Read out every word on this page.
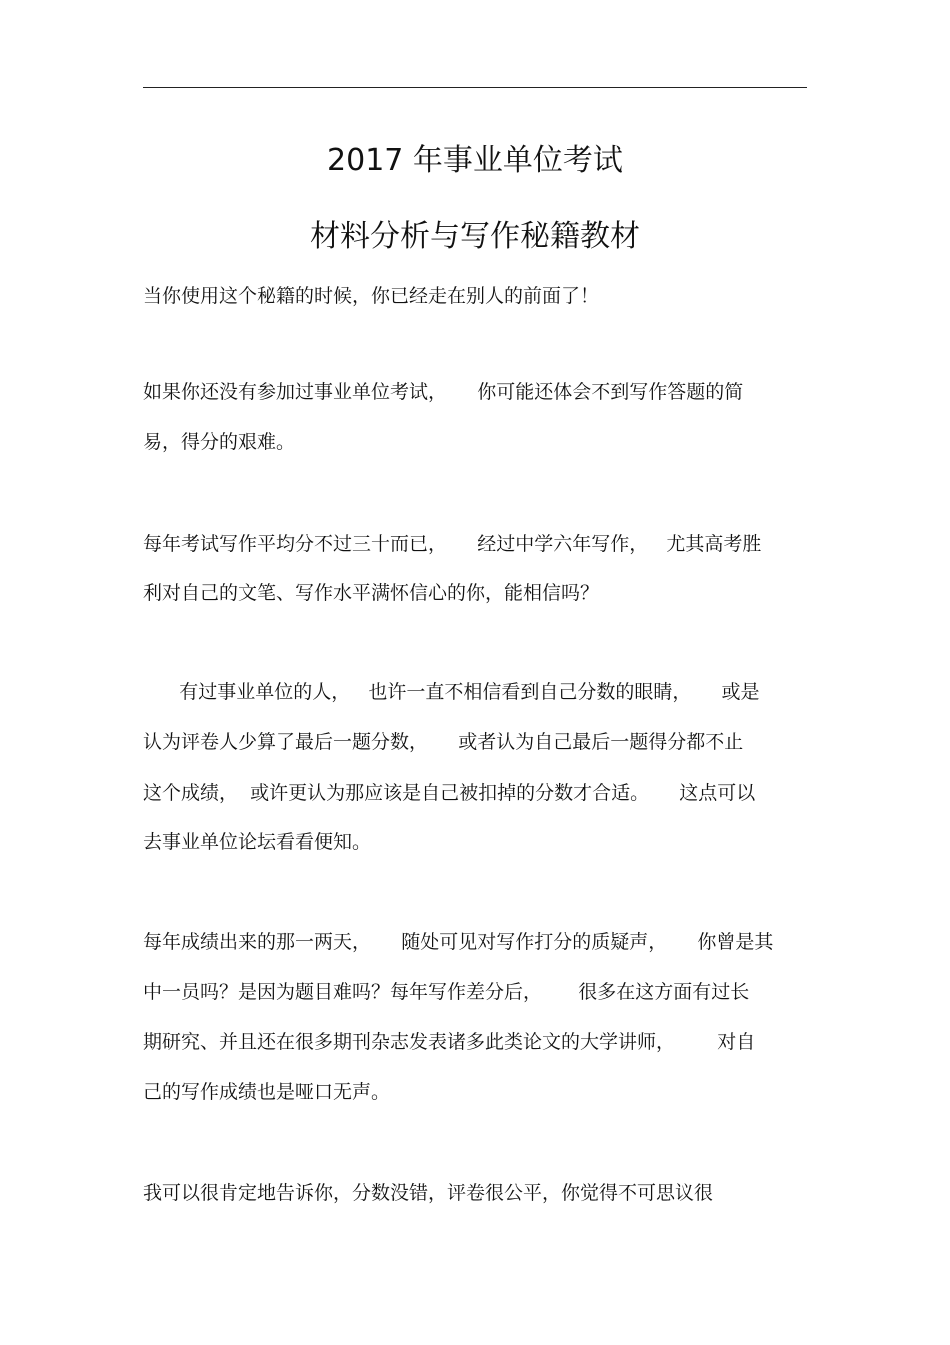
2017 年事业单位考试
材料分析与写作秘籍教材
当你使用这个秘籍的时候，你已经走在别人的前面了！
如果你还没有参加过事业单位考试，     你可能还体会不到写作答题的简
易，得分的艰难。
每年考试写作平均分不过三十而已，     经过中学六年写作，   尤其高考胜
利对自己的文笔、写作水平满怀信心的你，能相信吗？
有过事业单位的人，   也许一直不相信看到自己分数的眼睛，     或是
认为评卷人少算了最后一题分数，     或者认为自己最后一题得分都不止
这个成绩，  或许更认为那应该是自己被扣掉的分数才合适。     这点可以
去事业单位论坛看看便知。
每年成绩出来的那一两天，     随处可见对写作打分的质疑声，     你曾是其
中一员吗？是因为题目难吗？每年写作差分后，      很多在这方面有过长
期研究、并且还在很多期刊杂志发表诸多此类论文的大学讲师，       对自
己的写作成绩也是哑口无声。
我可以很肯定地告诉你，分数没错，评卷很公平，你觉得不可思议很
